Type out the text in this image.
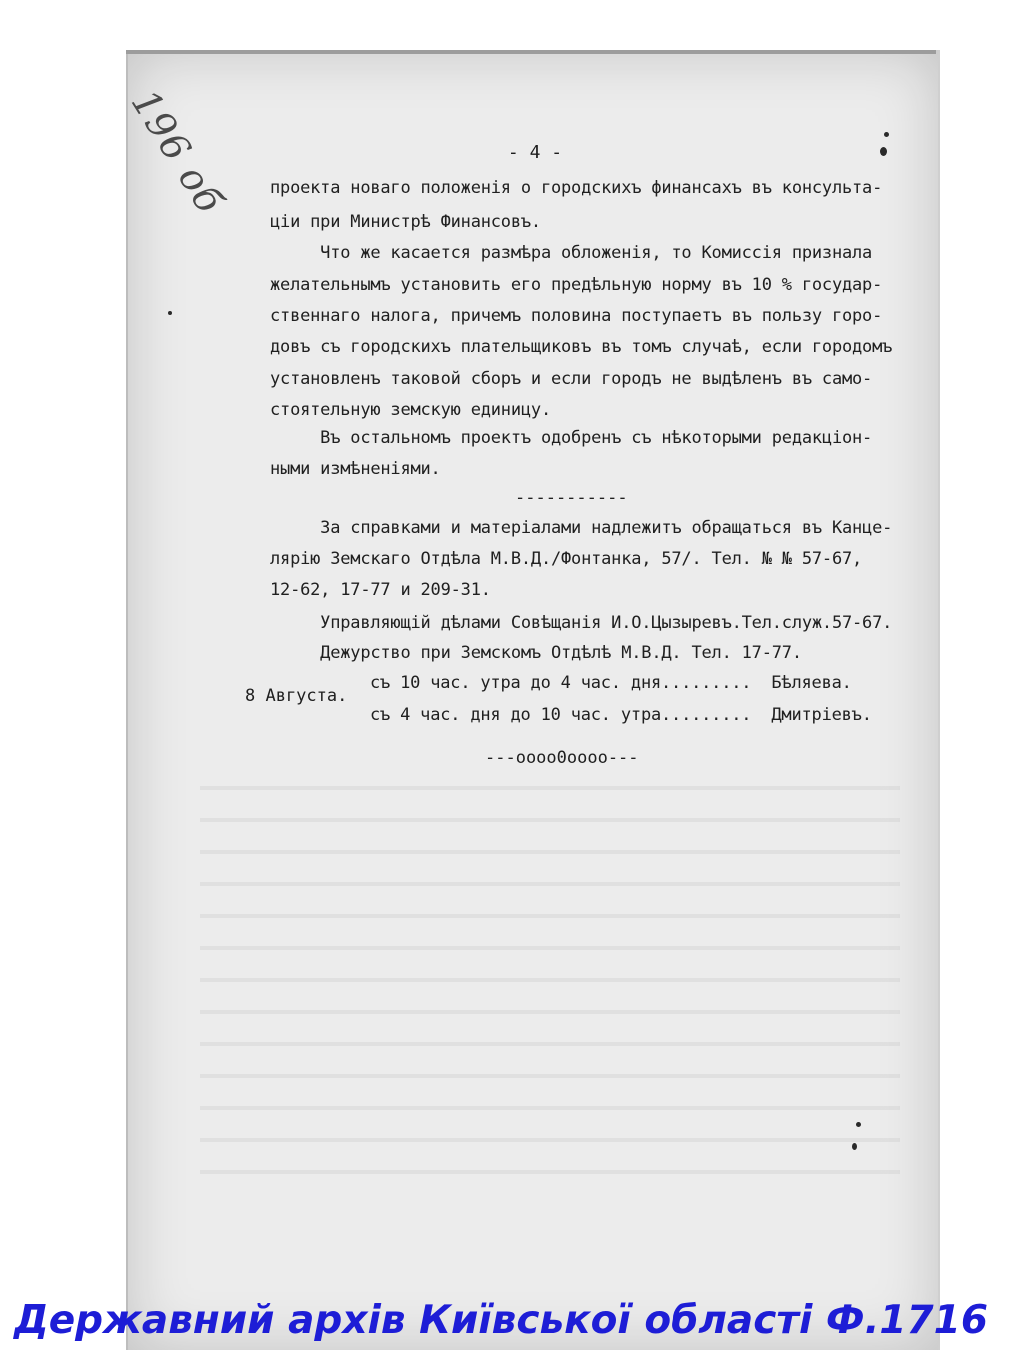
196 об	- 4 -
проекта новаго положенія о городскихъ финансахъ въ консульта-
ціи при Министрѣ Финансовъ.
Что же касается размѣра обложенія, то Комиссія признала
желательнымъ установить его предѣльную норму въ 10 % государ-
ственнаго налога, причемъ половина поступаетъ въ пользу горо-
довъ съ городскихъ плательщиковъ въ томъ случаѣ, если городомъ
установленъ таковой сборъ и если городъ не выдѣленъ въ само-
стоятельную земскую единицу.
Въ остальномъ проектъ одобренъ съ нѣкоторыми редакціон-
ными измѣненіями.
-----------
За справками и матеріалами надлежитъ обращаться въ Канце-
лярію Земскаго Отдѣла М.В.Д./Фонтанка, 57/. Тел. № № 57-67,
12-62, 17-77 и 209-31.
Управляющій дѣлами Совѣщанія И.О.Цызыревъ.Тел.служ.57-67.
Дежурство при Земскомъ Отдѣлѣ М.В.Д. Тел. 17-77.
8 Августа.
съ 10 час. утра до 4 час. дня.........  Бѣляева.
съ 4 час. дня до 10 час. утра.........  Дмитріевъ.
---oooo0oooo---
Державний архів Київської області Ф.1716
